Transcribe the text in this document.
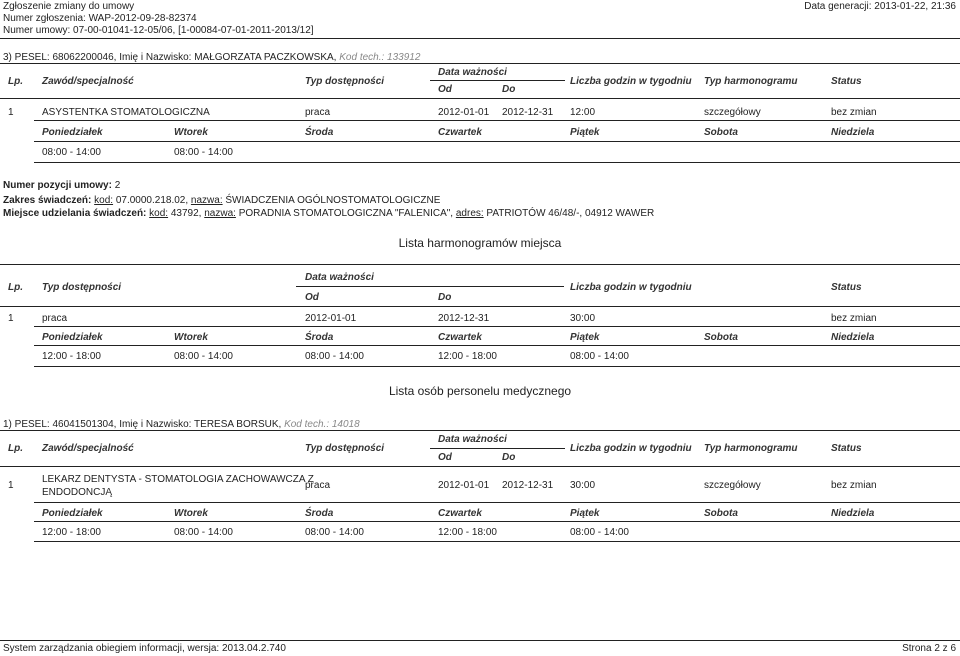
Zgłoszenie zmiany do umowy
Numer zgłoszenia: WAP-2012-09-28-82374
Numer umowy: 07-00-01041-12-05/06, [1-00084-07-01-2011-2013/12]
Data generacji: 2013-01-22, 21:36
3) PESEL: 68062200046, Imię i Nazwisko: MAŁGORZATA PACZKOWSKA, Kod tech.: 133912
Lp. Zawód/specjalność	Typ dostępności
Data ważności
Od	Do
Liczba godzin w tygodniu Typ harmonogramu	Status
1	ASYSTENTKA STOMATOLOGICZNA	praca	2012-01-01 2012-12-31 12:00	szczegółowy	bez zmian
Poniedziałek	Wtorek	Środa	Czwartek	Piątek	Sobota	Niedziela
08:00 - 14:00	08:00 - 14:00
Numer pozycji umowy: 2
Zakres świadczeń: kod: 07.0000.218.02, nazwa: ŚWIADCZENIA OGÓLNOSTOMATOLOGICZNE
Miejsce udzielania świadczeń: kod: 43792, nazwa: PORADNIA STOMATOLOGICZNA "FALENICA", adres: PATRIOTÓW 46/48/-, 04912 WAWER
Lista harmonogramów miejsca
Lp. Typ dostępności
Data ważności
Od	Do
Liczba godzin w tygodniu	Status
1	praca	2012-01-01	2012-12-31	30:00	bez zmian
Poniedziałek	Wtorek	Środa	Czwartek	Piątek	Sobota	Niedziela
12:00 - 18:00	08:00 - 14:00	08:00 - 14:00	12:00 - 18:00	08:00 - 14:00
Lista osób personelu medycznego
1) PESEL: 46041501304, Imię i Nazwisko: TERESA BORSUK, Kod tech.: 14018
Lp. Zawód/specjalność	Typ dostępności
Data ważności
Od	Do
Liczba godzin w tygodniu Typ harmonogramu	Status
1
LEKARZ DENTYSTA - STOMATOLOGIA ZACHOWAWCZA Z
ENDODONCJĄ
praca	2012-01-01 2012-12-31 30:00	szczegółowy	bez zmian
Poniedziałek	Wtorek	Środa	Czwartek	Piątek	Sobota	Niedziela
12:00 - 18:00	08:00 - 14:00	08:00 - 14:00	12:00 - 18:00	08:00 - 14:00
System zarządzania obiegiem informacji, wersja: 2013.04.2.740	Strona 2 z 6
